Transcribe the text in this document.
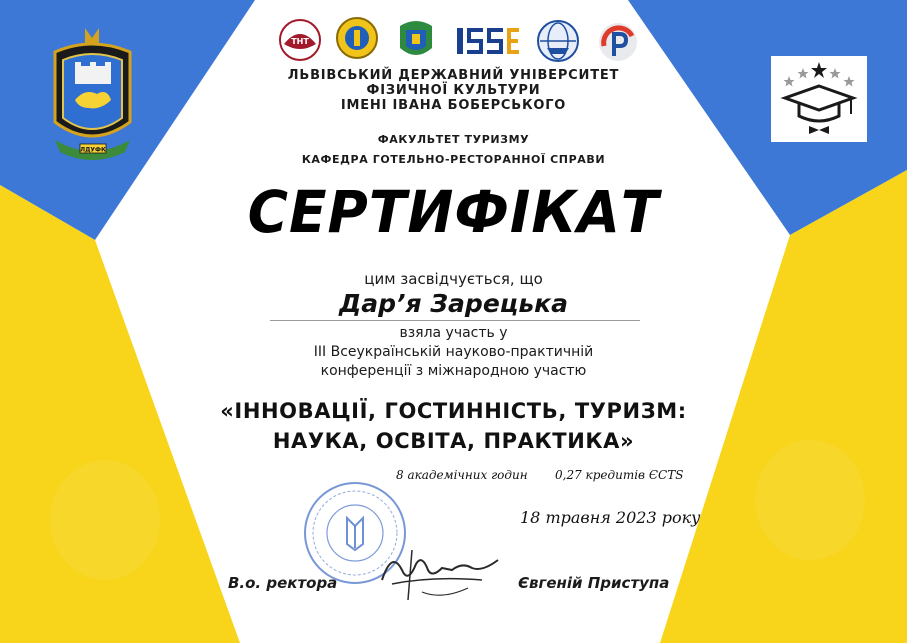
ЛДУФК
ТНТ
ЛЬВІВСЬКИЙ ДЕРЖАВНИЙ УНІВЕРСИТЕТ
ФІЗИЧНОЇ КУЛЬТУРИ
ІМЕНІ ІВАНА БОБЕРСЬКОГО
ФАКУЛЬТЕТ ТУРИЗМУ
КАФЕДРА ГОТЕЛЬНО-РЕСТОРАННОЇ СПРАВИ
СЕРТИФІКАТ
цим засвідчується, що
Дар’я Зарецька
взяла участь у
III Всеукраїнській науково-практичній
конференції з міжнародною участю
«ІННОВАЦІЇ, ГОСТИННІСТЬ, ТУРИЗМ:
НАУКА, ОСВІТА, ПРАКТИКА»
8 академічних годин 0,27 кредитів ЄCTS
18 травня 2023 року
В.о. ректора	Євгеній Приступа
